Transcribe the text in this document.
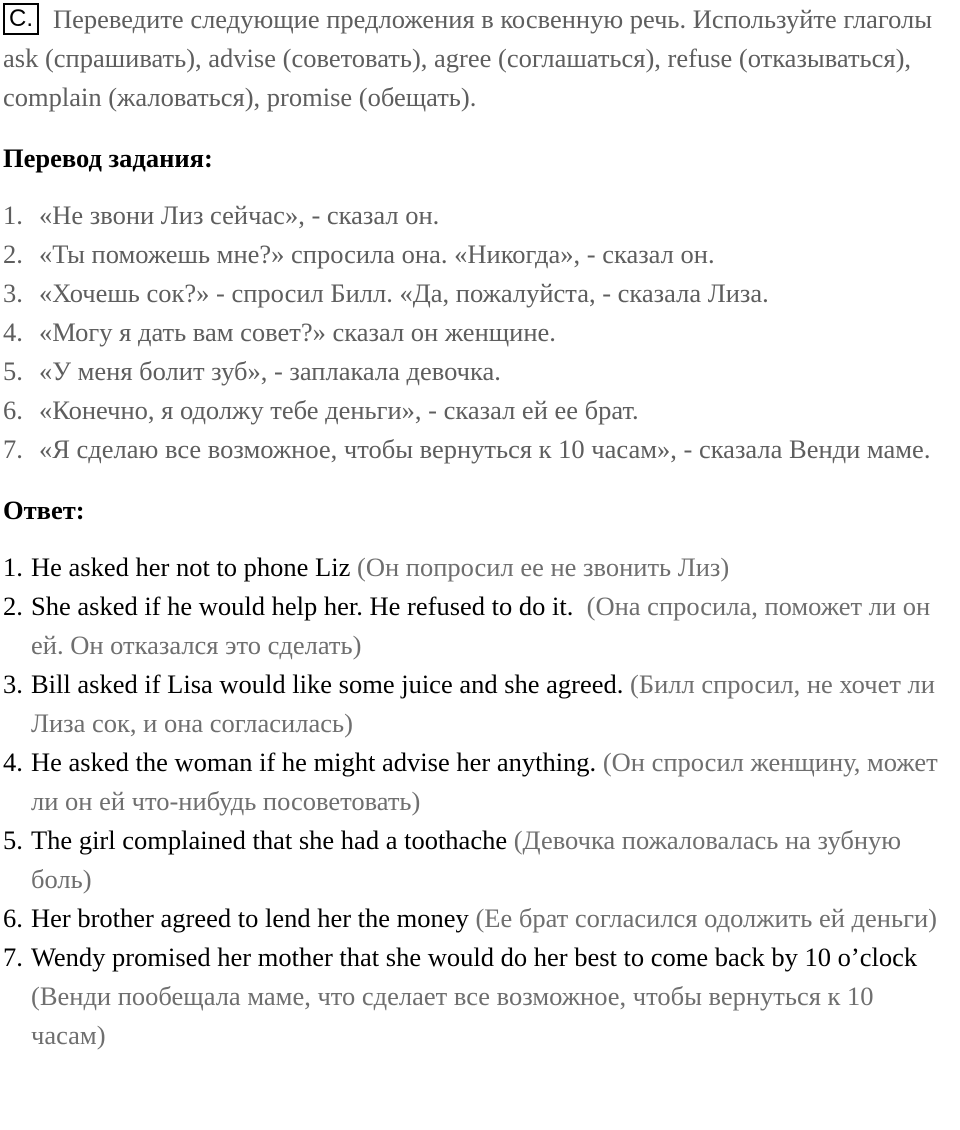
C. Переведите следующие предложения в косвенную речь. Используйте глаголы ask (спрашивать), advise (советовать), agree (соглашаться), refuse (отказываться), complain (жаловаться), promise (обещать).

Перевод задания:
1. «Не звони Лиз сейчас», - сказал он.
2. «Ты поможешь мне?» спросила она. «Никогда», - сказал он.
3. «Хочешь сок?» - спросил Билл. «Да, пожалуйста, - сказала Лиза.
4. «Могу я дать вам совет?» сказал он женщине.
5. «У меня болит зуб», - заплакала девочка.
6. «Конечно, я одолжу тебе деньги», - сказал ей ее брат.
7. «Я сделаю все возможное, чтобы вернуться к 10 часам», - сказала Венди маме.
Ответ:
1. He asked her not to phone Liz (Он попросил ее не звонить Лиз)
2. She asked if he would help her. He refused to do it. (Она спросила, поможет ли он ей. Он отказался это сделать)
3. Bill asked if Lisa would like some juice and she agreed. (Билл спросил, не хочет ли Лиза сок, и она согласилась)
4. He asked the woman if he might advise her anything. (Он спросил женщину, может ли он ей что-нибудь посоветовать)
5. The girl complained that she had a toothache (Девочка пожаловалась на зубную боль)
6. Her brother agreed to lend her the money (Ее брат согласился одолжить ей деньги)
7. Wendy promised her mother that she would do her best to come back by 10 o’clock (Венди пообещала маме, что сделает все возможное, чтобы вернуться к 10 часам)
